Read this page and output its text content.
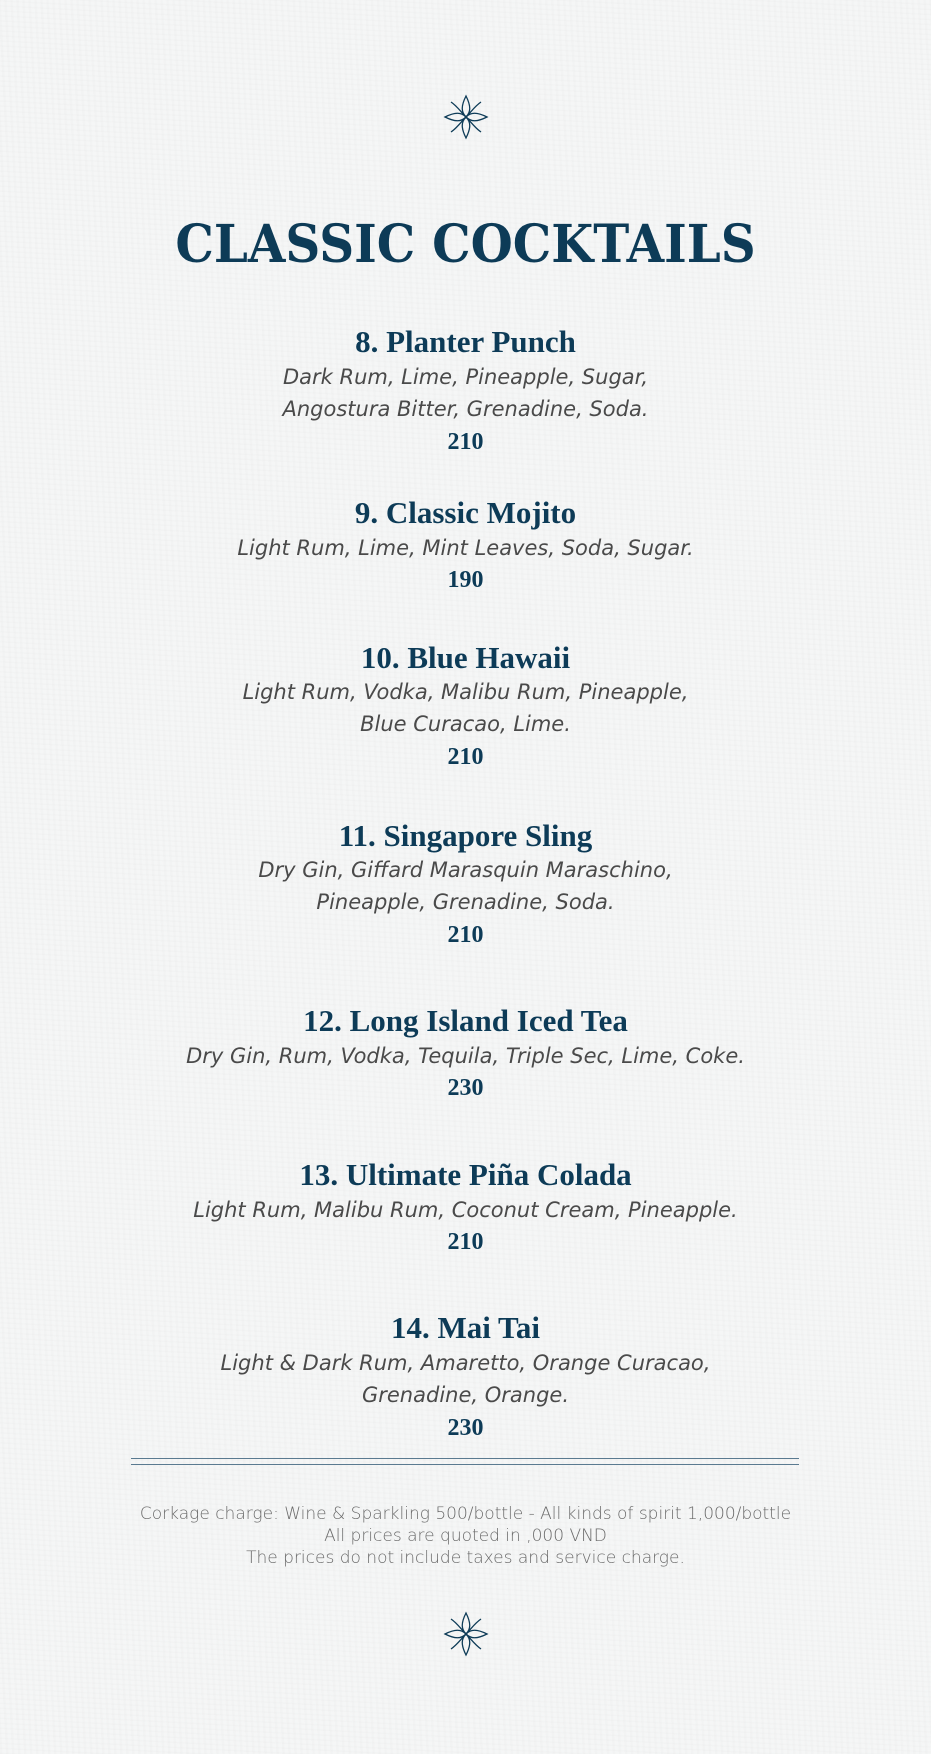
CLASSIC COCKTAILS
8. Planter Punch
Dark Rum, Lime, Pineapple, Sugar,
Angostura Bitter, Grenadine, Soda.
210
9. Classic Mojito
Light Rum, Lime, Mint Leaves, Soda, Sugar.
190
10. Blue Hawaii
Light Rum, Vodka, Malibu Rum, Pineapple,
Blue Curacao, Lime.
210
11. Singapore Sling
Dry Gin, Giffard Marasquin Maraschino,
Pineapple, Grenadine, Soda.
210
12. Long Island Iced Tea
Dry Gin, Rum, Vodka, Tequila, Triple Sec, Lime, Coke.
230
13. Ultimate Piña Colada
Light Rum, Malibu Rum, Coconut Cream, Pineapple.
210
14. Mai Tai
Light & Dark Rum, Amaretto, Orange Curacao,
Grenadine, Orange.
230
Corkage charge: Wine & Sparkling 500/bottle - All kinds of spirit 1,000/bottle
All prices are quoted in ,000 VND
The prices do not include taxes and service charge.
